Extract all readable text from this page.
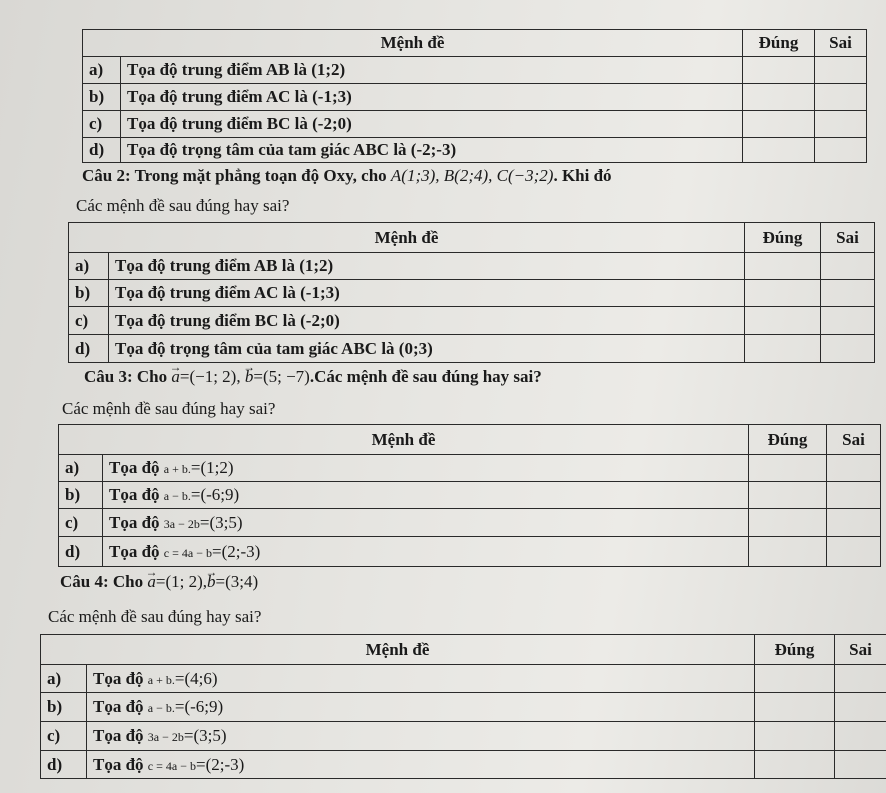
Mệnh đề		Đúng	Sai
a)	Tọa độ trung điểm AB là (1;2)		
b)	Tọa độ trung điểm AC là (-1;3)		
c)	Tọa độ trung điểm BC là (-2;0)		
d)	Tọa độ trọng tâm của tam giác ABC là (-2;-3)		
Câu 2: Trong mặt phẳng toạn độ Oxy, cho A(1;3), B(2;4), C(−3;2). Khi đó
Các mệnh đề sau đúng hay sai?
Mệnh đề		Đúng	Sai
a)	Tọa độ trung điểm AB là (1;2)		
b)	Tọa độ trung điểm AC là (-1;3)		
c)	Tọa độ trung điểm BC là (-2;0)		
d)	Tọa độ trọng tâm của tam giác ABC là (0;3)		
Câu 3: Cho → a=(−1; 2), → b=(5; −7).Các mệnh đề sau đúng hay sai?
Các mệnh đề sau đúng hay sai?
Mệnh đề		Đúng	Sai
a)	Tọa độ a + b.=(1;2)		
b)	Tọa độ a − b.=(-6;9)		
c)	Tọa độ 3a − 2b=(3;5)		
d)	Tọa độ c = 4a − b=(2;-3)		
Câu 4: Cho → a=(1; 2),→ b=(3;4)
Các mệnh đề sau đúng hay sai?
Mệnh đề		Đúng	Sai
a)	Tọa độ a + b.=(4;6)		
b)	Tọa độ a − b.=(-6;9)		
c)	Tọa độ 3a − 2b=(3;5)		
d)	Tọa độ c = 4a − b=(2;-3)		
